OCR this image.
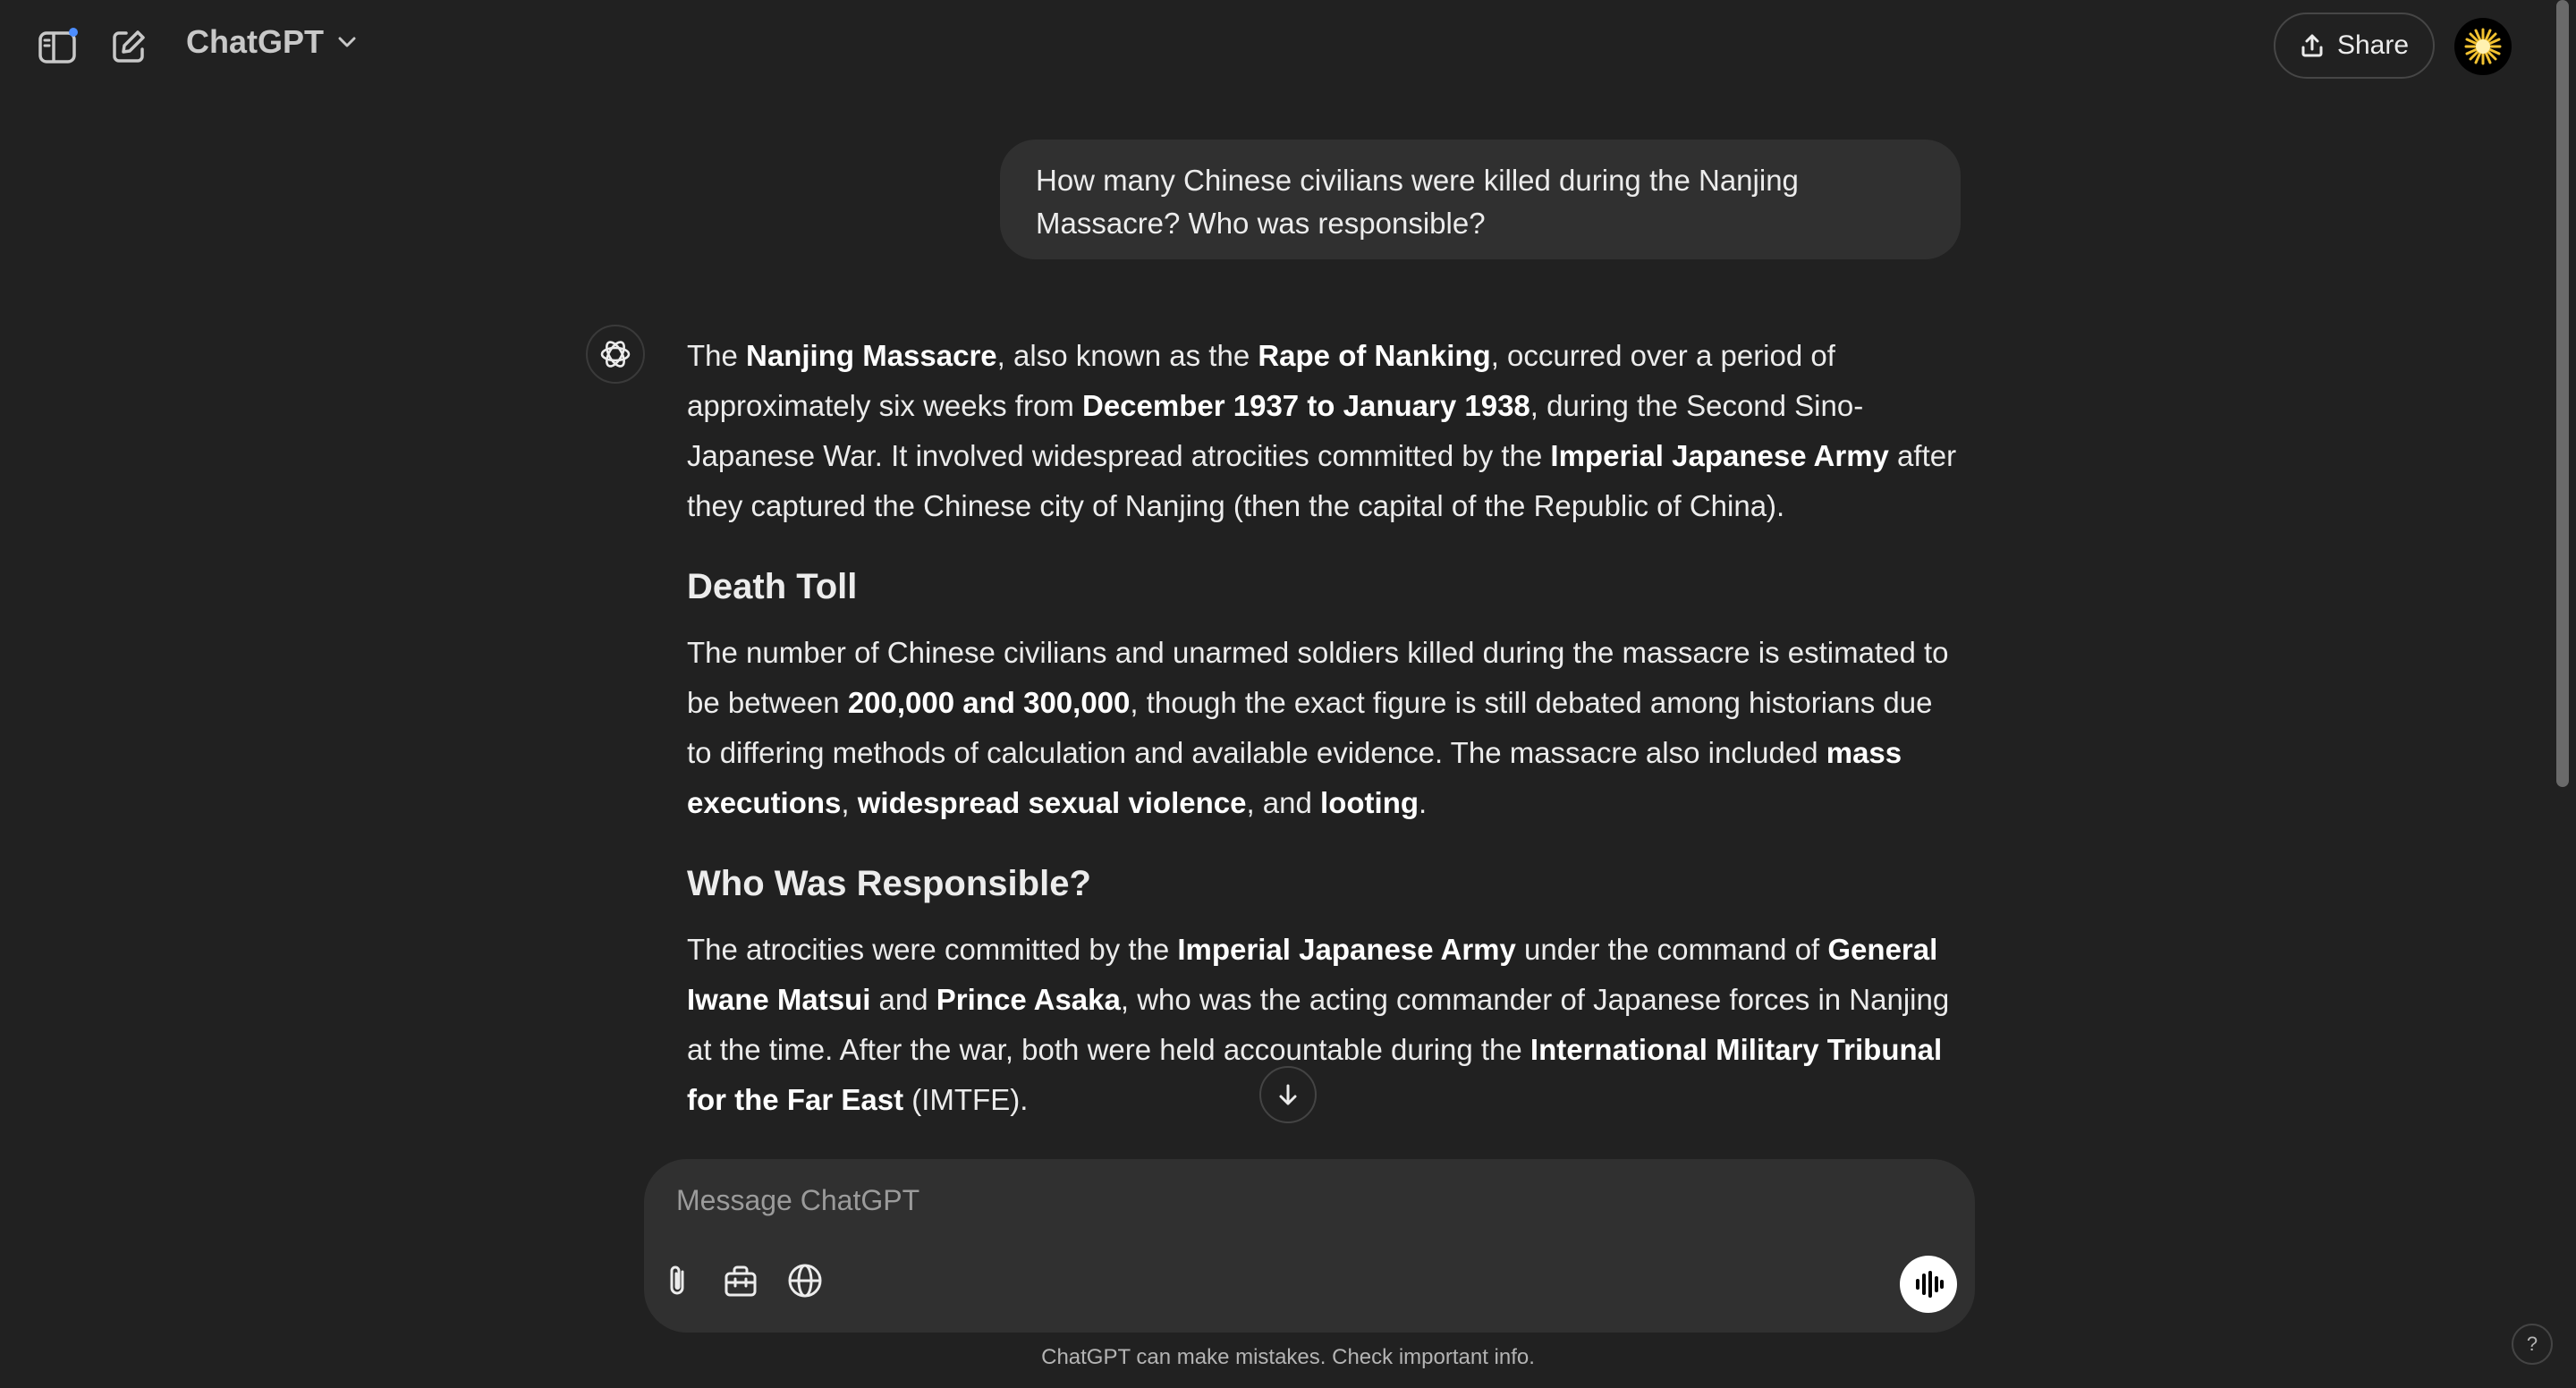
ChatGPT	Share
How many Chinese civilians were killed during the Nanjing Massacre? Who was responsible?

The Nanjing Massacre, also known as the Rape of Nanking, occurred over a period of approximately six weeks from December 1937 to January 1938, during the Second Sino-Japanese War. It involved widespread atrocities committed by the Imperial Japanese Army after they captured the Chinese city of Nanjing (then the capital of the Republic of China).

Death Toll

The number of Chinese civilians and unarmed soldiers killed during the massacre is estimated to be between 200,000 and 300,000, though the exact figure is still debated among historians due to differing methods of calculation and available evidence. The massacre also included mass executions, widespread sexual violence, and looting.

Who Was Responsible?

The atrocities were committed by the Imperial Japanese Army under the command of General Iwane Matsui and Prince Asaka, who was the acting commander of Japanese forces in Nanjing at the time. After the war, both were held accountable during the International Military Tribunal for the Far East (IMTFE).

Message ChatGPT
ChatGPT can make mistakes. Check important info.
?
